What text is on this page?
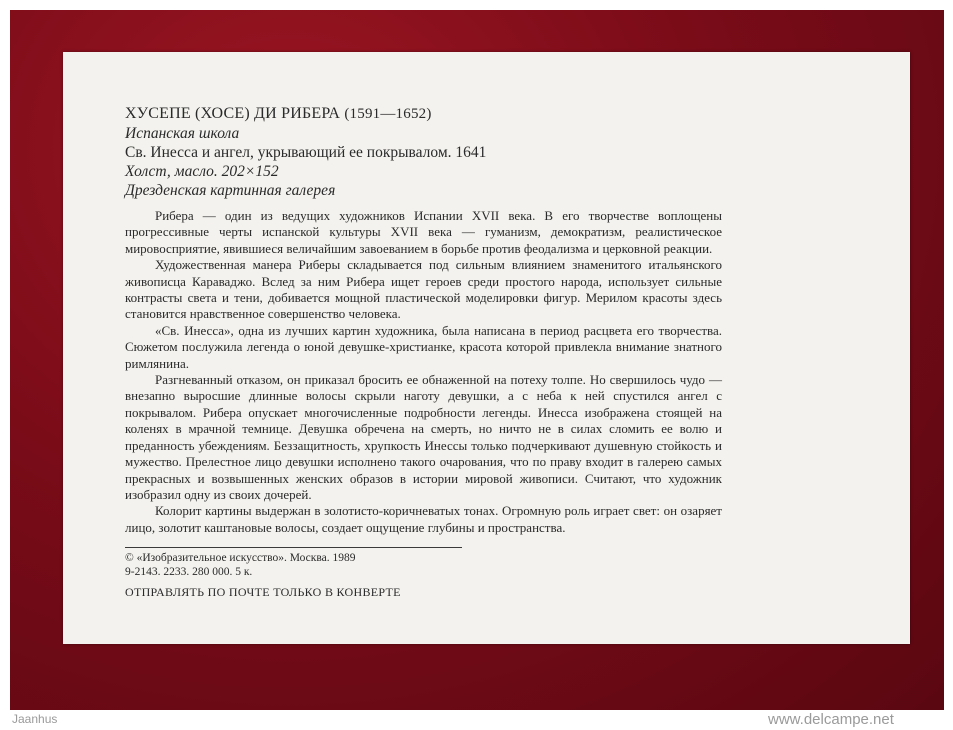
ХУСЕПЕ (ХОСЕ) ДИ РИБЕРА (1591—1652)
Испанская школа
Св. Инесса и ангел, укрывающий ее покрывалом. 1641
Холст, масло. 202×152
Дрезденская картинная галерея

Рибера — один из ведущих художников Испании XVII века. В его творчестве воплощены прогрессивные черты испанской культуры XVII века — гуманизм, демократизм, реалистическое мировосприятие, явившиеся величайшим завоеванием в борьбе против феодализма и церковной реакции.

Художественная манера Риберы складывается под сильным влиянием знаменитого итальянского живописца Караваджо. Вслед за ним Рибера ищет героев среди простого народа, использует сильные контрасты света и тени, добивается мощной пластической моделировки фигур. Мерилом красоты здесь становится нравственное совершенство человека.

«Св. Инесса», одна из лучших картин художника, была написана в период расцвета его творчества. Сюжетом послужила легенда о юной девушке-христианке, красота которой привлекла внимание знатного римлянина.

Разгневанный отказом, он приказал бросить ее обнаженной на потеху толпе. Но свершилось чудо — внезапно выросшие длинные волосы скрыли наготу девушки, а с неба к ней спустился ангел с покрывалом. Рибера опускает многочисленные подробности легенды. Инесса изображена стоящей на коленях в мрачной темнице. Девушка обречена на смерть, но ничто не в силах сломить ее волю и преданность убеждениям. Беззащитность, хрупкость Инессы только подчеркивают душевную стойкость и мужество. Прелестное лицо девушки исполнено такого очарования, что по праву входит в галерею самых прекрасных и возвышенных женских образов в истории мировой живописи. Считают, что художник изобразил одну из своих дочерей.

Колорит картины выдержан в золотисто-коричневатых тонах. Огромную роль играет свет: он озаряет лицо, золотит каштановые волосы, создает ощущение глубины и пространства.

© «Изобразительное искусство». Москва. 1989
9-2143. 2233. 280 000. 5 к.
ОТПРАВЛЯТЬ ПО ПОЧТЕ ТОЛЬКО В КОНВЕРТЕ
Jaanhus	www.delcampe.net
